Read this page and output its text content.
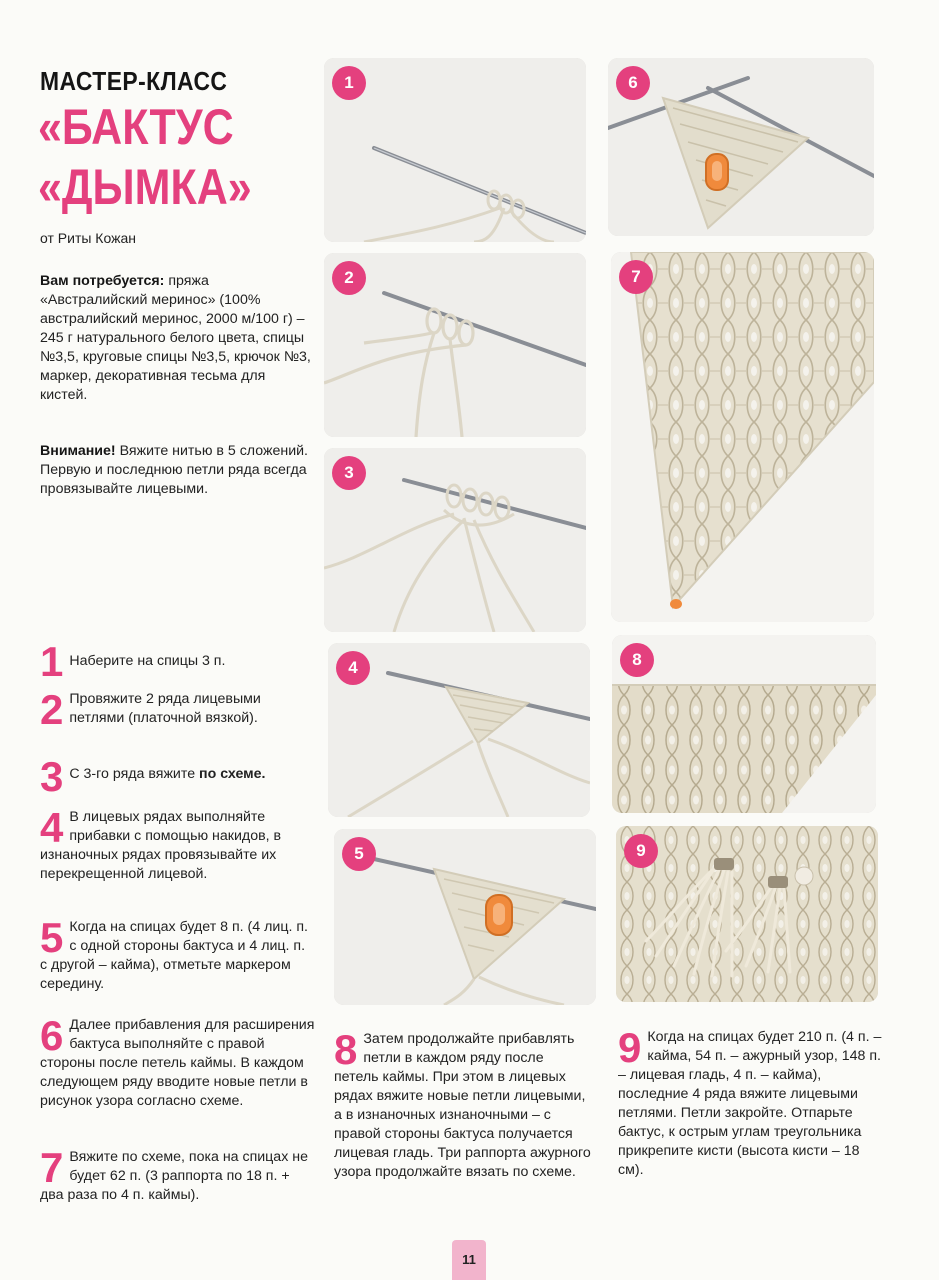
МАСТЕР-КЛАСС
«БАКТУС
«ДЫМКА»
от Риты Кожан
Вам потребуется: пряжа «Австралийский меринос» (100% австралийский меринос, 2000 м/100 г) – 245 г натурального белого цвета, спицы №3,5, круговые спицы №3,5, крючок №3, маркер, декоративная тесьма для кистей.
Внимание! Вяжите нитью в 5 сложений. Первую и последнюю петли ряда всегда провязывайте лицевыми.
1 Наберите на спицы 3 п.
2 Провяжите 2 ряда лицевыми петлями (платочной вязкой).
3 С 3-го ряда вяжите по схеме.
4 В лицевых рядах выполняйте прибавки с помощью накидов, в изнаночных рядах провязывайте их перекрещенной лицевой.
5 Когда на спицах будет 8 п. (4 лиц. п. с одной стороны бактуса и 4 лиц. п. с другой – кайма), отметьте маркером середину.
6 Далее прибавления для расширения бактуса выполняйте с правой стороны после петель каймы. В каждом следующем ряду вводите новые петли в рисунок узора согласно схеме.
7 Вяжите по схеме, пока на спицах не будет 62 п. (3 раппорта по 18 п. + два раза по 4 п. каймы).
8 Затем продолжайте прибавлять петли в каждом ряду после петель каймы. При этом в лицевых рядах вяжите новые петли лицевыми, а в изнаночных изнаночными – с правой стороны бактуса получается лицевая гладь. Три раппорта ажурного узора продолжайте вязать по схеме.
9 Когда на спицах будет 210 п. (4 п. – кайма, 54 п. – ажурный узор, 148 п. – лицевая гладь, 4 п. – кайма), последние 4 ряда вяжите лицевыми петлями. Петли закройте. Отпарьте бактус, к острым углам треугольника прикрепите кисти (высота кисти – 18 см).
1
2
3
4
5
6
7
8
9
11
